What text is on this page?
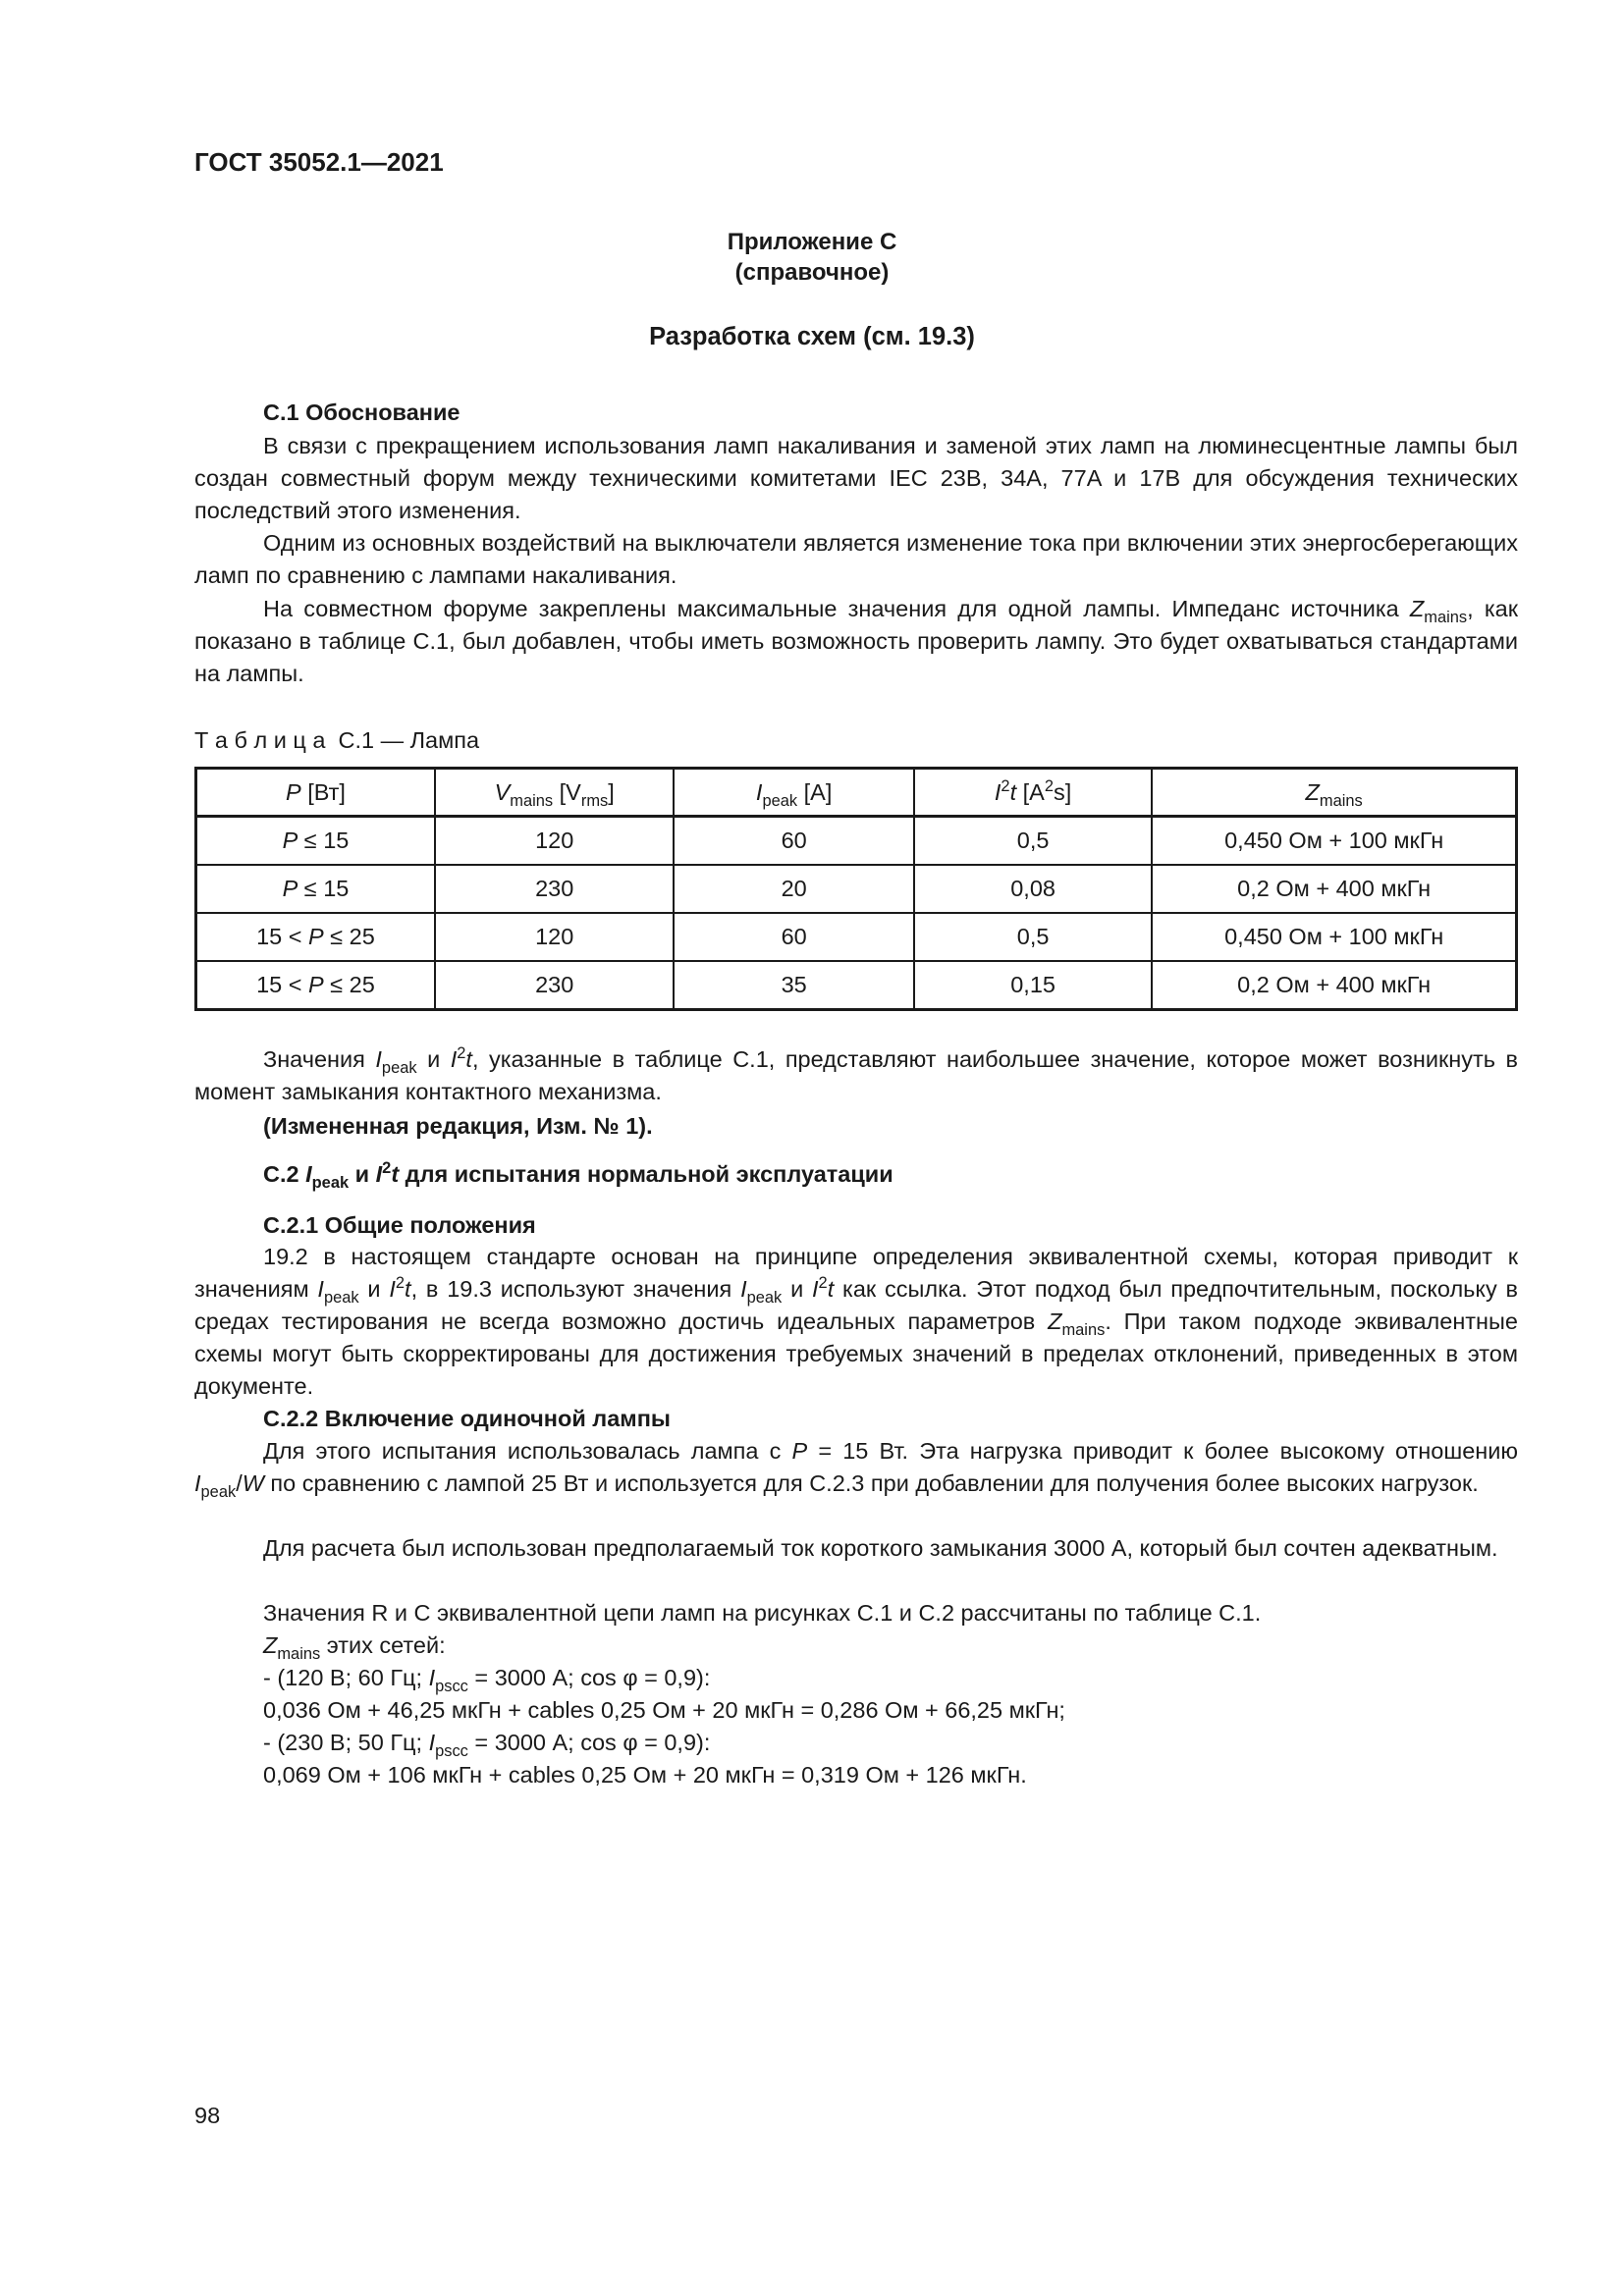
ГОСТ 35052.1—2021
Приложение С
(справочное)
Разработка схем (см. 19.3)
С.1 Обоснование
В связи с прекращением использования ламп накаливания и заменой этих ламп на люминесцентные лампы был создан совместный форум между техническими комитетами IEC 23B, 34A, 77A и 17B для обсуждения технических последствий этого изменения.
Одним из основных воздействий на выключатели является изменение тока при включении этих энергосберегающих ламп по сравнению с лампами накаливания.
На совместном форуме закреплены максимальные значения для одной лампы. Импеданс источника $Z_{mains}$, как показано в таблице С.1, был добавлен, чтобы иметь возможность проверить лампу. Это будет охватываться стандартами на лампы.
Т а б л и ц а С.1 — Лампа
P [Вт]	$V_{mains}$ $[V_{rms}]$	$I_{peak}$ [A]	$I^2t$ $[A^2s]$	$Z_{mains}$
P ≤ 15	120	60	0,5	0,450 Ом + 100 мкГн
P ≤ 15	230	20	0,08	0,2 Ом + 400 мкГн
15 < P ≤ 25	120	60	0,5	0,450 Ом + 100 мкГн
15 < P ≤ 25	230	35	0,15	0,2 Ом + 400 мкГн
Значения $I_{peak}$ и $I^2t$, указанные в таблице С.1, представляют наибольшее значение, которое может возникнуть в момент замыкания контактного механизма.
(Измененная редакция, Изм. № 1).
С.2 $I_{peak}$ и $I^2t$ для испытания нормальной эксплуатации
С.2.1 Общие положения
19.2 в настоящем стандарте основан на принципе определения эквивалентной схемы, которая приводит к значениям $I_{peak}$ и $I^2t$, в 19.3 используют значения $I_{peak}$ и $I^2t$ как ссылка. Этот подход был предпочтительным, поскольку в средах тестирования не всегда возможно достичь идеальных параметров $Z_{mains}$. При таком подходе эквивалентные схемы могут быть скорректированы для достижения требуемых значений в пределах отклонений, приведенных в этом документе.
С.2.2 Включение одиночной лампы
Для этого испытания использовалась лампа с P = 15 Вт. Эта нагрузка приводит к более высокому отношению $I_{peak}/W$ по сравнению с лампой 25 Вт и используется для С.2.3 при добавлении для получения более высоких нагрузок.
Для расчета был использован предполагаемый ток короткого замыкания 3000 А, который был сочтен адекватным.
Значения R и С эквивалентной цепи ламп на рисунках С.1 и С.2 рассчитаны по таблице С.1.
$Z_{mains}$ этих сетей:
- (120 В; 60 Гц; $I_{pscc} = 3000$ А; cos φ = 0,9):
0,036 Ом + 46,25 мкГн + cables 0,25 Ом + 20 мкГн = 0,286 Ом + 66,25 мкГн;
- (230 В; 50 Гц; $I_{pscc} = 3000$ А; cos φ = 0,9):
0,069 Ом + 106 мкГн + cables 0,25 Ом + 20 мкГн = 0,319 Ом + 126 мкГн.
98
